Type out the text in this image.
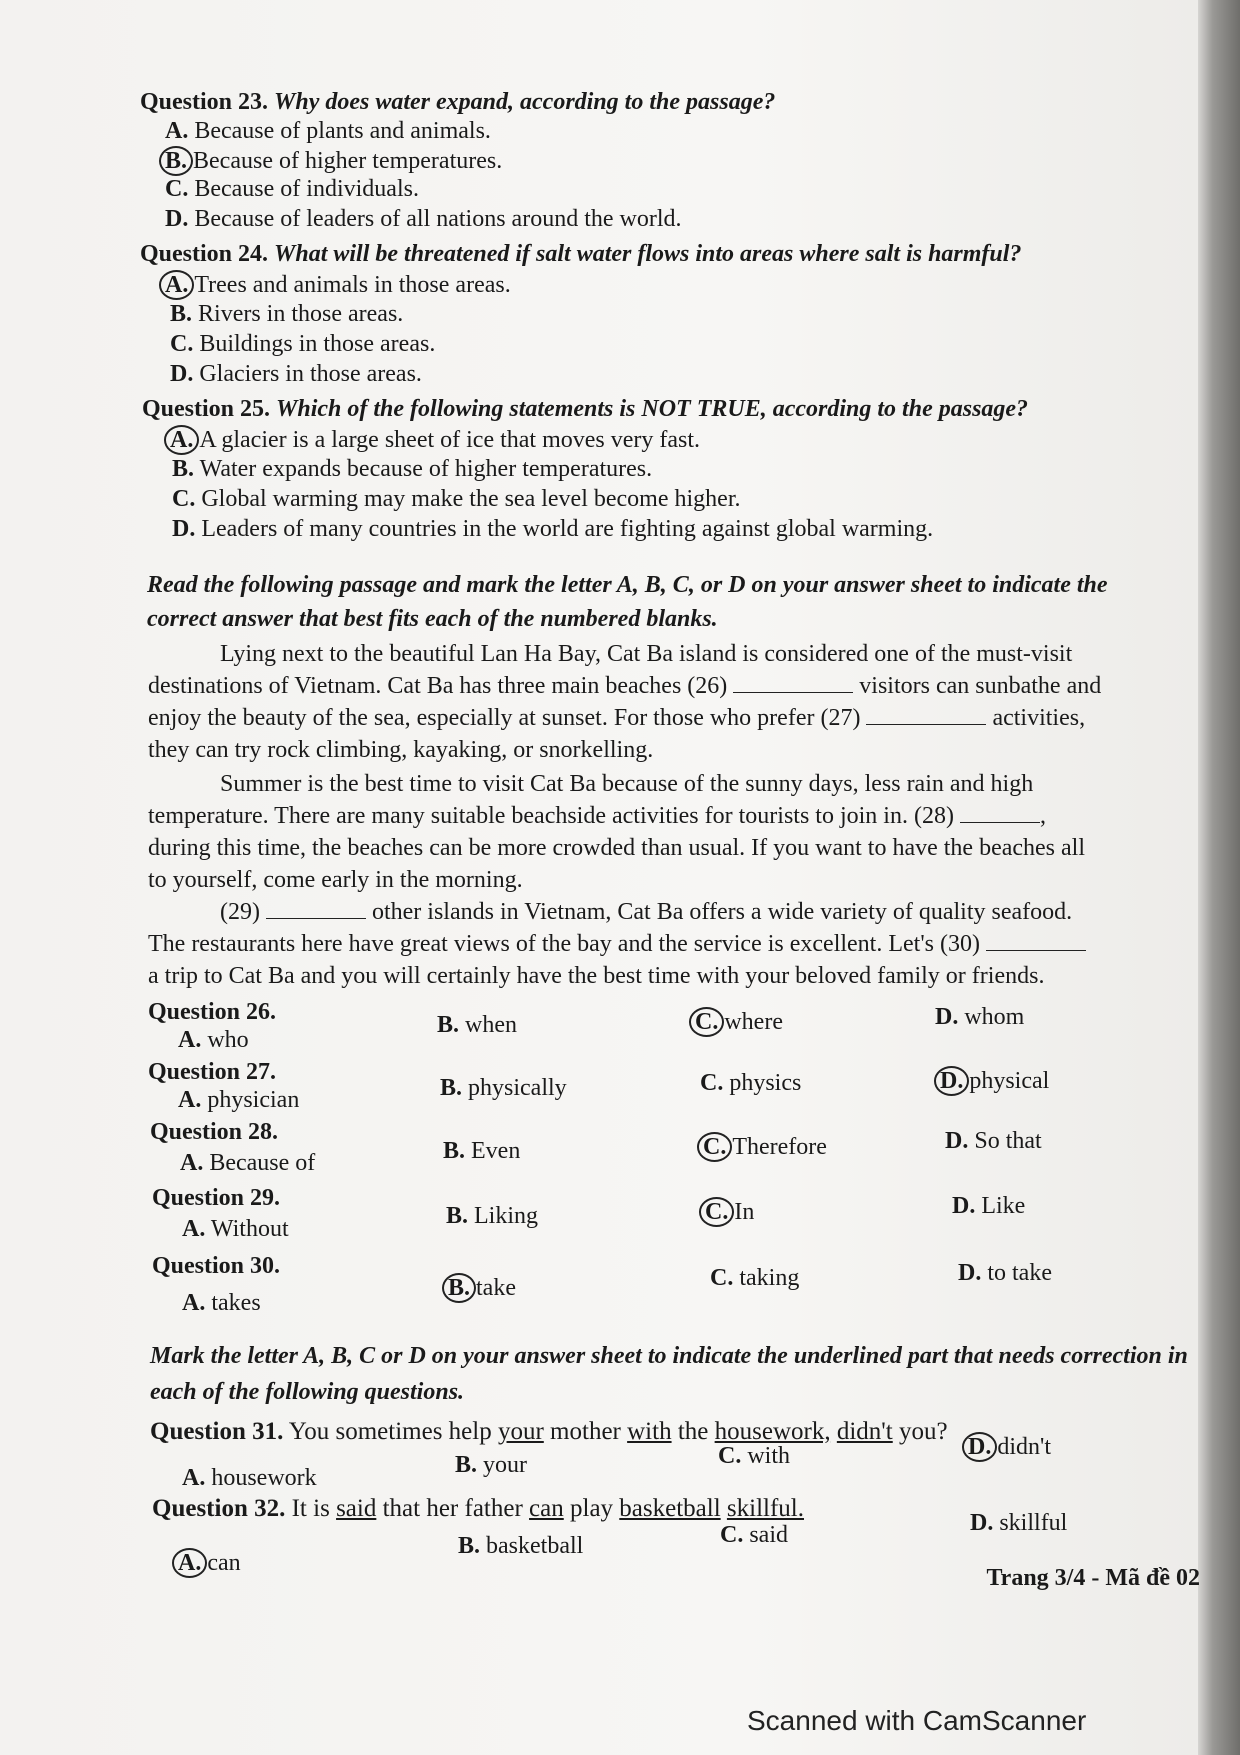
Question 23. Why does water expand, according to the passage?
A. Because of plants and animals.
B. Because of higher temperatures.
C. Because of individuals.
D. Because of leaders of all nations around the world.
Question 24. What will be threatened if salt water flows into areas where salt is harmful?
A. Trees and animals in those areas.
B. Rivers in those areas.
C. Buildings in those areas.
D. Glaciers in those areas.
Question 25. Which of the following statements is NOT TRUE, according to the passage?
A. A glacier is a large sheet of ice that moves very fast.
B. Water expands because of higher temperatures.
C. Global warming may make the sea level become higher.
D. Leaders of many countries in the world are fighting against global warming.
Read the following passage and mark the letter A, B, C, or D on your answer sheet to indicate the correct answer that best fits each of the numbered blanks.
Lying next to the beautiful Lan Ha Bay, Cat Ba island is considered one of the must-visit
destinations of Vietnam. Cat Ba has three main beaches (26)	visitors can sunbathe and
enjoy the beauty of the sea, especially at sunset. For those who prefer (27)	activities,
they can try rock climbing, kayaking, or snorkelling.
Summer is the best time to visit Cat Ba because of the sunny days, less rain and high
temperature. There are many suitable beachside activities for tourists to join in. (28)	,
during this time, the beaches can be more crowded than usual. If you want to have the beaches all
to yourself, come early in the morning.
(29)	other islands in Vietnam, Cat Ba offers a wide variety of quality seafood.
The restaurants here have great views of the bay and the service is excellent. Let's (30)
a trip to Cat Ba and you will certainly have the best time with your beloved family or friends.
Question 26.
A. who
B. when	C. where	D. whom
Question 27.
A. physician	B. physically	C. physics	D. physical
Question 28.
A. Because of	B. Even	C. Therefore	D. So that
Question 29.
A. Without	B. Liking	C. In	D. Like
Question 30.
A. takes
B. take	C. taking	D. to take
Mark the letter A, B, C or D on your answer sheet to indicate the underlined part that needs correction in each of the following questions.
Question 31. You sometimes help your mother with the housework, didn't you?
A. housework	B. your	C. with	D. didn't
Question 32. It is said that her father can play basketball skillful.
A. can
B. basketball	C. said	D. skillful
Trang 3/4 - Mã đề 02
Scanned with CamScanner
